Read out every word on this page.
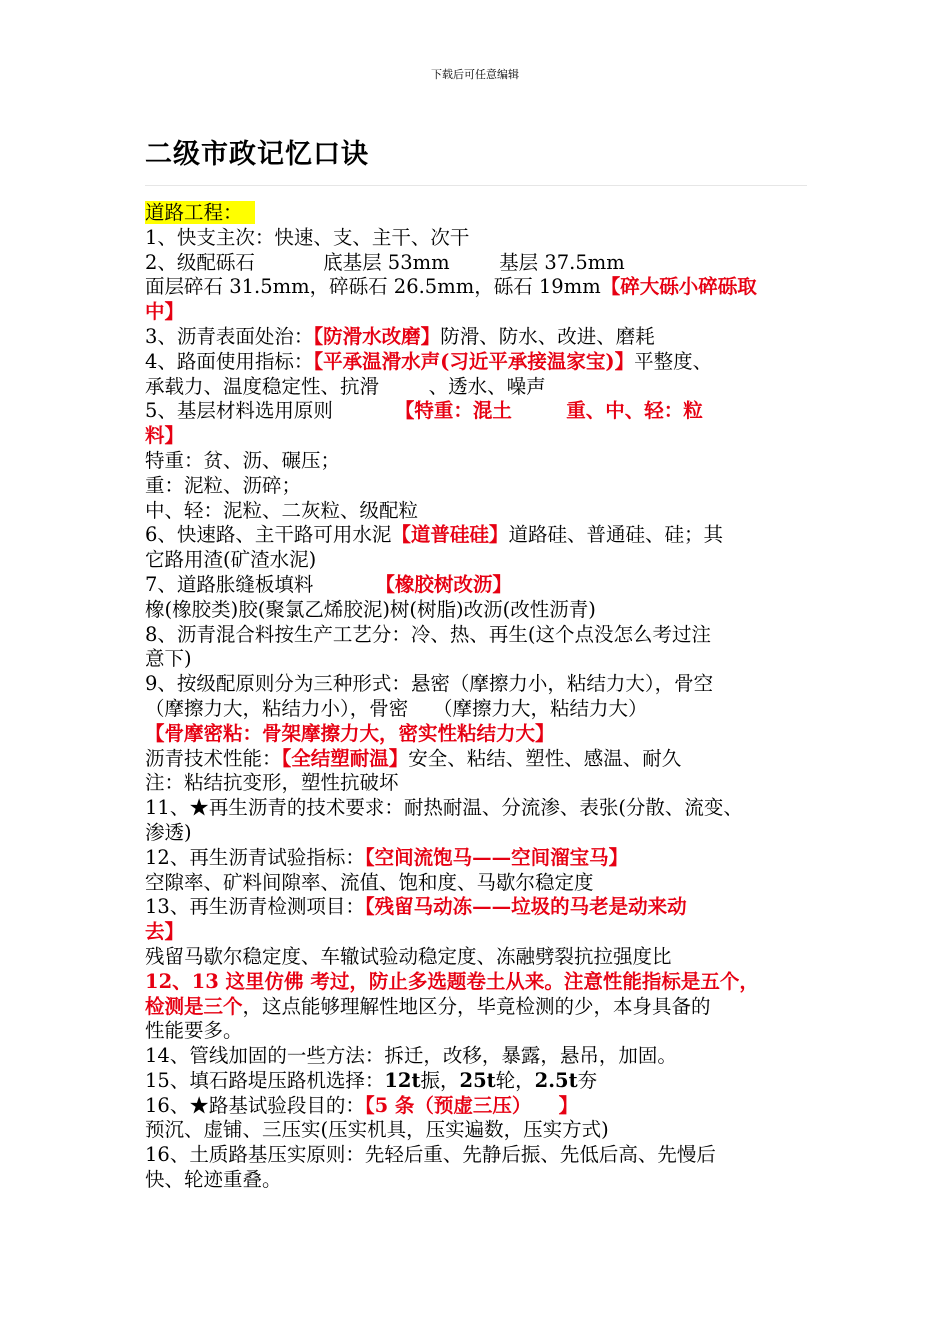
下载后可任意编辑
二级市政记忆口诀
道路工程：
1、快支主次：快速、支、主干、次干
2、级配砾石           底基层 53mm        基层 37.5mm
面层碎石 31.5mm，碎砾石 26.5mm，砾石 19mm【碎大砾小碎砾取
中】
3、沥青表面处治：【防滑水改磨】防滑、防水、改进、磨耗
4、路面使用指标：【平承温滑水声(习近平承接温家宝)】平整度、
承载力、温度稳定性、抗滑        、透水、噪声
5、基层材料选用原则          【特重：混土        重、中、轻：粒
料】
特重：贫、沥、碾压；
重：泥粒、沥碎；
中、轻：泥粒、二灰粒、级配粒
6、快速路、主干路可用水泥【道普硅硅】道路硅、普通硅、硅；其
它路用渣(矿渣水泥)
7、道路胀缝板填料          【橡胶树改沥】
橡(橡胶类)胶(聚氯乙烯胶泥)树(树脂)改沥(改性沥青)
8、沥青混合料按生产工艺分：冷、热、再生(这个点没怎么考过注
意下)
9、按级配原则分为三种形式：悬密（摩擦力小，粘结力大），骨空
（摩擦力大，粘结力小），骨密    （摩擦力大，粘结力大）
【骨摩密粘：骨架摩擦力大，密实性粘结力大】
沥青技术性能：【全结塑耐温】安全、粘结、塑性、感温、耐久
注：粘结抗变形，塑性抗破坏
11、★再生沥青的技术要求：耐热耐温、分流渗、表张(分散、流变、
渗透)
12、再生沥青试验指标：【空间流饱马——空间溜宝马】
空隙率、矿料间隙率、流值、饱和度、马歇尔稳定度
13、再生沥青检测项目：【残留马动冻——垃圾的马老是动来动
去】
残留马歇尔稳定度、车辙试验动稳定度、冻融劈裂抗拉强度比
12、13 这里仿佛 考过，防止多选题卷土从来。注意性能指标是五个，
检测是三个，这点能够理解性地区分，毕竟检测的少，本身具备的
性能要多。
14、管线加固的一些方法：拆迁，改移，暴露，悬吊，加固。
15、填石路堤压路机选择：12t振，25t轮，2.5t夯
16、★路基试验段目的：【5 条（预虚三压）    】
预沉、虚铺、三压实(压实机具，压实遍数，压实方式)
16、土质路基压实原则：先轻后重、先静后振、先低后高、先慢后
快、轮迹重叠。
